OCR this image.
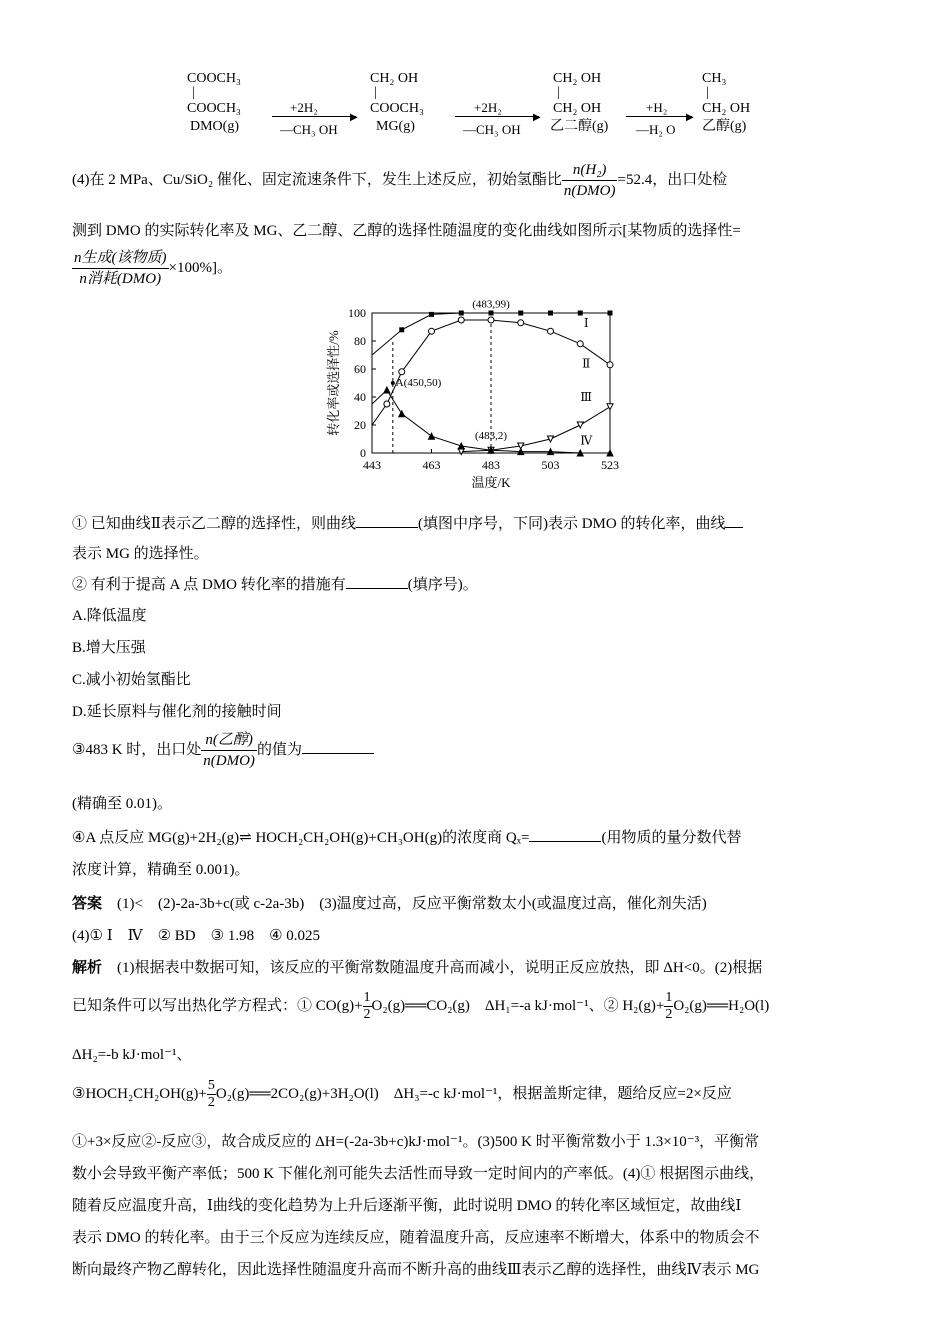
COOCH₃
|
COOCH₃
DMO(g)
+2H₂
▶
—CH₃ OH
CH₂ OH
|
COOCH₃
MG(g)
+2H₂
▶
—CH₃ OH
CH₂ OH
|
CH₂ OH
乙二醇(g)
+H₂
▶
—H₂ O
CH₃
|
CH₂ OH
乙醇(g)
(4)在 2 MPa、Cu/SiO₂ 催化、固定流速条件下，发生上述反应，初始氢酯比 $\frac{\text{n(H₂)}}{\text{n(DMO)}} =52.4$，出口处检
测到 DMO 的实际转化率及 MG、乙二醇、乙醇的选择性随温度的变化曲线如图所示[某物质的选择性=
$\frac{\text{n生成(该物质)}}{\text{n消耗(DMO)}} \times 100\%$]。
0
20
40
60
80
100
443	463	483	503	523
温度/K
转化率或选择性/%
Ⅰ
Ⅱ
Ⅲ
Ⅳ
(483,99)
A(450,50)
(483,2)
① 已知曲线Ⅱ表示乙二醇的选择性，则曲线	(填图中序号，下同)表示 DMO 的转化率，曲线
表示 MG 的选择性。
② 有利于提高 A 点 DMO 转化率的措施有	(填序号)。
A.降低温度
B.增大压强
C.减小初始氢酯比
D.延长原料与催化剂的接触时间
③483 K 时，出口处 $\frac{\text{n(乙醇)}}{\text{n(DMO)}}$ 的值为
(精确至 0.01)。
④A 点反应 MG(g)+2H₂(g)⇌ HOCH₂CH₂OH(g)+CH₃OH(g)的浓度商 Qₓ=	(用物质的量分数代替
浓度计算，精确至 0.001)。
答案　 (1)<　(2)-2a-3b+c(或 c-2a-3b)　(3)温度过高，反应平衡常数太小(或温度过高，催化剂失活)
(4)① Ⅰ　Ⅳ　② BD　③ 1.98　④ 0.025
解析　 (1)根据表中数据可知，该反应的平衡常数随温度升高而减小，说明正反应放热，即 ΔH<0。(2)根据
已知条件可以写出热化学方程式：① $CO(g)+ \frac{1}{2}$ O₂(g)══CO₂(g)　ΔH₁=-a kJ·mol⁻¹、② $H_2(g)+ \frac{1}{2}$ O₂(g)══H₂O(l)
ΔH₂=-b kJ·mol⁻¹、
③HOCH₂CH₂OH(g)+ $\frac{5}{2}$ O₂(g)══2CO₂(g)+3H₂O(l)　ΔH₃=-c kJ·mol⁻¹，根据盖斯定律，题给反应=2×反应
①+3×反应②-反应③，故合成反应的 ΔH=(-2a-3b+c)kJ·mol⁻¹。(3)500 K 时平衡常数小于 1.3×10⁻³，平衡常
数小会导致平衡产率低；500 K 下催化剂可能失去活性而导致一定时间内的产率低。(4)① 根据图示曲线，
随着反应温度升高，Ⅰ曲线的变化趋势为上升后逐渐平衡，此时说明 DMO 的转化率区域恒定，故曲线Ⅰ
表示 DMO 的转化率。由于三个反应为连续反应，随着温度升高，反应速率不断增大，体系中的物质会不
断向最终产物乙醇转化，因此选择性随温度升高而不断升高的曲线Ⅲ表示乙醇的选择性，曲线Ⅳ表示 MG
